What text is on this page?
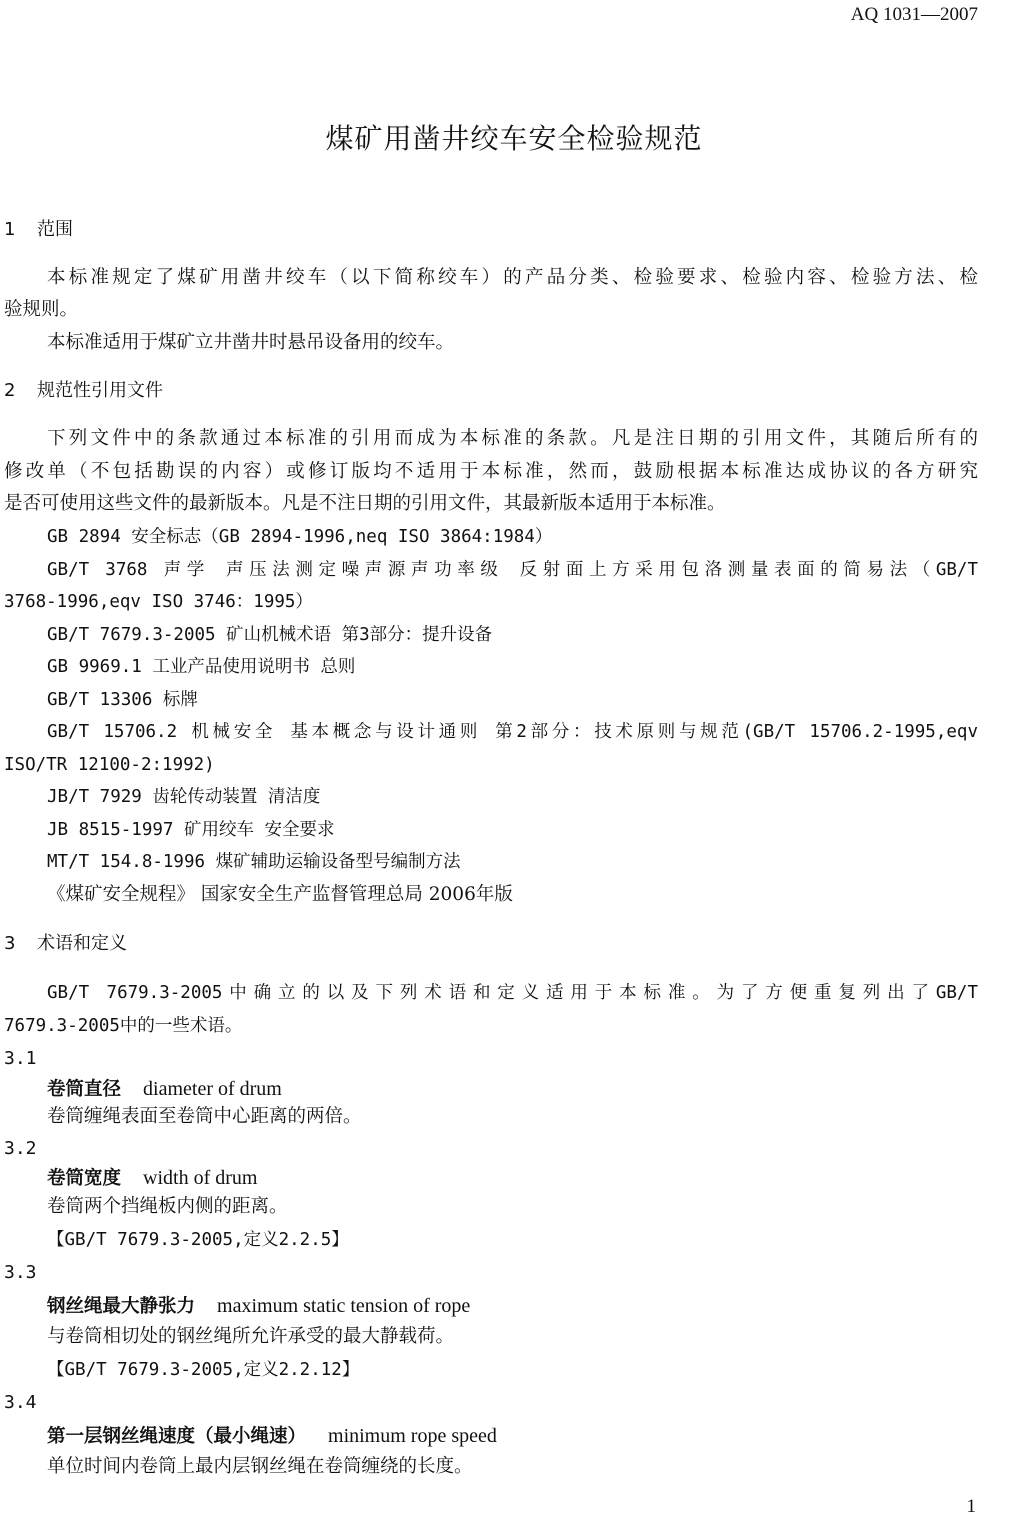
AQ 1031—2007
煤矿用凿井绞车安全检验规范
1 范围
本标准规定了煤矿用凿井绞车（以下简称绞车）的产品分类、检验要求、检验内容、检验方法、检
验规则。
本标准适用于煤矿立井凿井时悬吊设备用的绞车。
2 规范性引用文件
下列文件中的条款通过本标准的引用而成为本标准的条款。凡是注日期的引用文件，其随后所有的
修改单（不包括勘误的内容）或修订版均不适用于本标准，然而，鼓励根据本标准达成协议的各方研究
是否可使用这些文件的最新版本。凡是不注日期的引用文件，其最新版本适用于本标准。
GB 2894 安全标志（GB 2894-1996,neq ISO 3864:1984）
GB/T 3768 声学 声压法测定噪声源声功率级 反射面上方采用包洛测量表面的简易法（GB/T
3768-1996,eqv ISO 3746：1995）
GB/T 7679.3-2005 矿山机械术语 第3部分：提升设备
GB 9969.1 工业产品使用说明书 总则
GB/T 13306 标牌
GB/T 15706.2 机械安全 基本概念与设计通则 第2部分：技术原则与规范(GB/T 15706.2-1995,eqv
ISO/TR 12100-2:1992)
JB/T 7929 齿轮传动装置 清洁度
JB 8515-1997 矿用绞车 安全要求
MT/T 154.8-1996 煤矿辅助运输设备型号编制方法
《煤矿安全规程》 国家安全生产监督管理总局 2006年版
3 术语和定义
GB/T 7679.3-2005中确立的以及下列术语和定义适用于本标准。为了方便重复列出了GB/T
7679.3-2005中的一些术语。
3.1
卷筒直径 diameter of drum
卷筒缠绳表面至卷筒中心距离的两倍。
3.2
卷筒宽度 width of drum
卷筒两个挡绳板内侧的距离。
【GB/T 7679.3-2005,定义2.2.5】
3.3
钢丝绳最大静张力 maximum static tension of rope
与卷筒相切处的钢丝绳所允许承受的最大静载荷。
【GB/T 7679.3-2005,定义2.2.12】
3.4
第一层钢丝绳速度（最小绳速） minimum rope speed
单位时间内卷筒上最内层钢丝绳在卷筒缠绕的长度。
1
